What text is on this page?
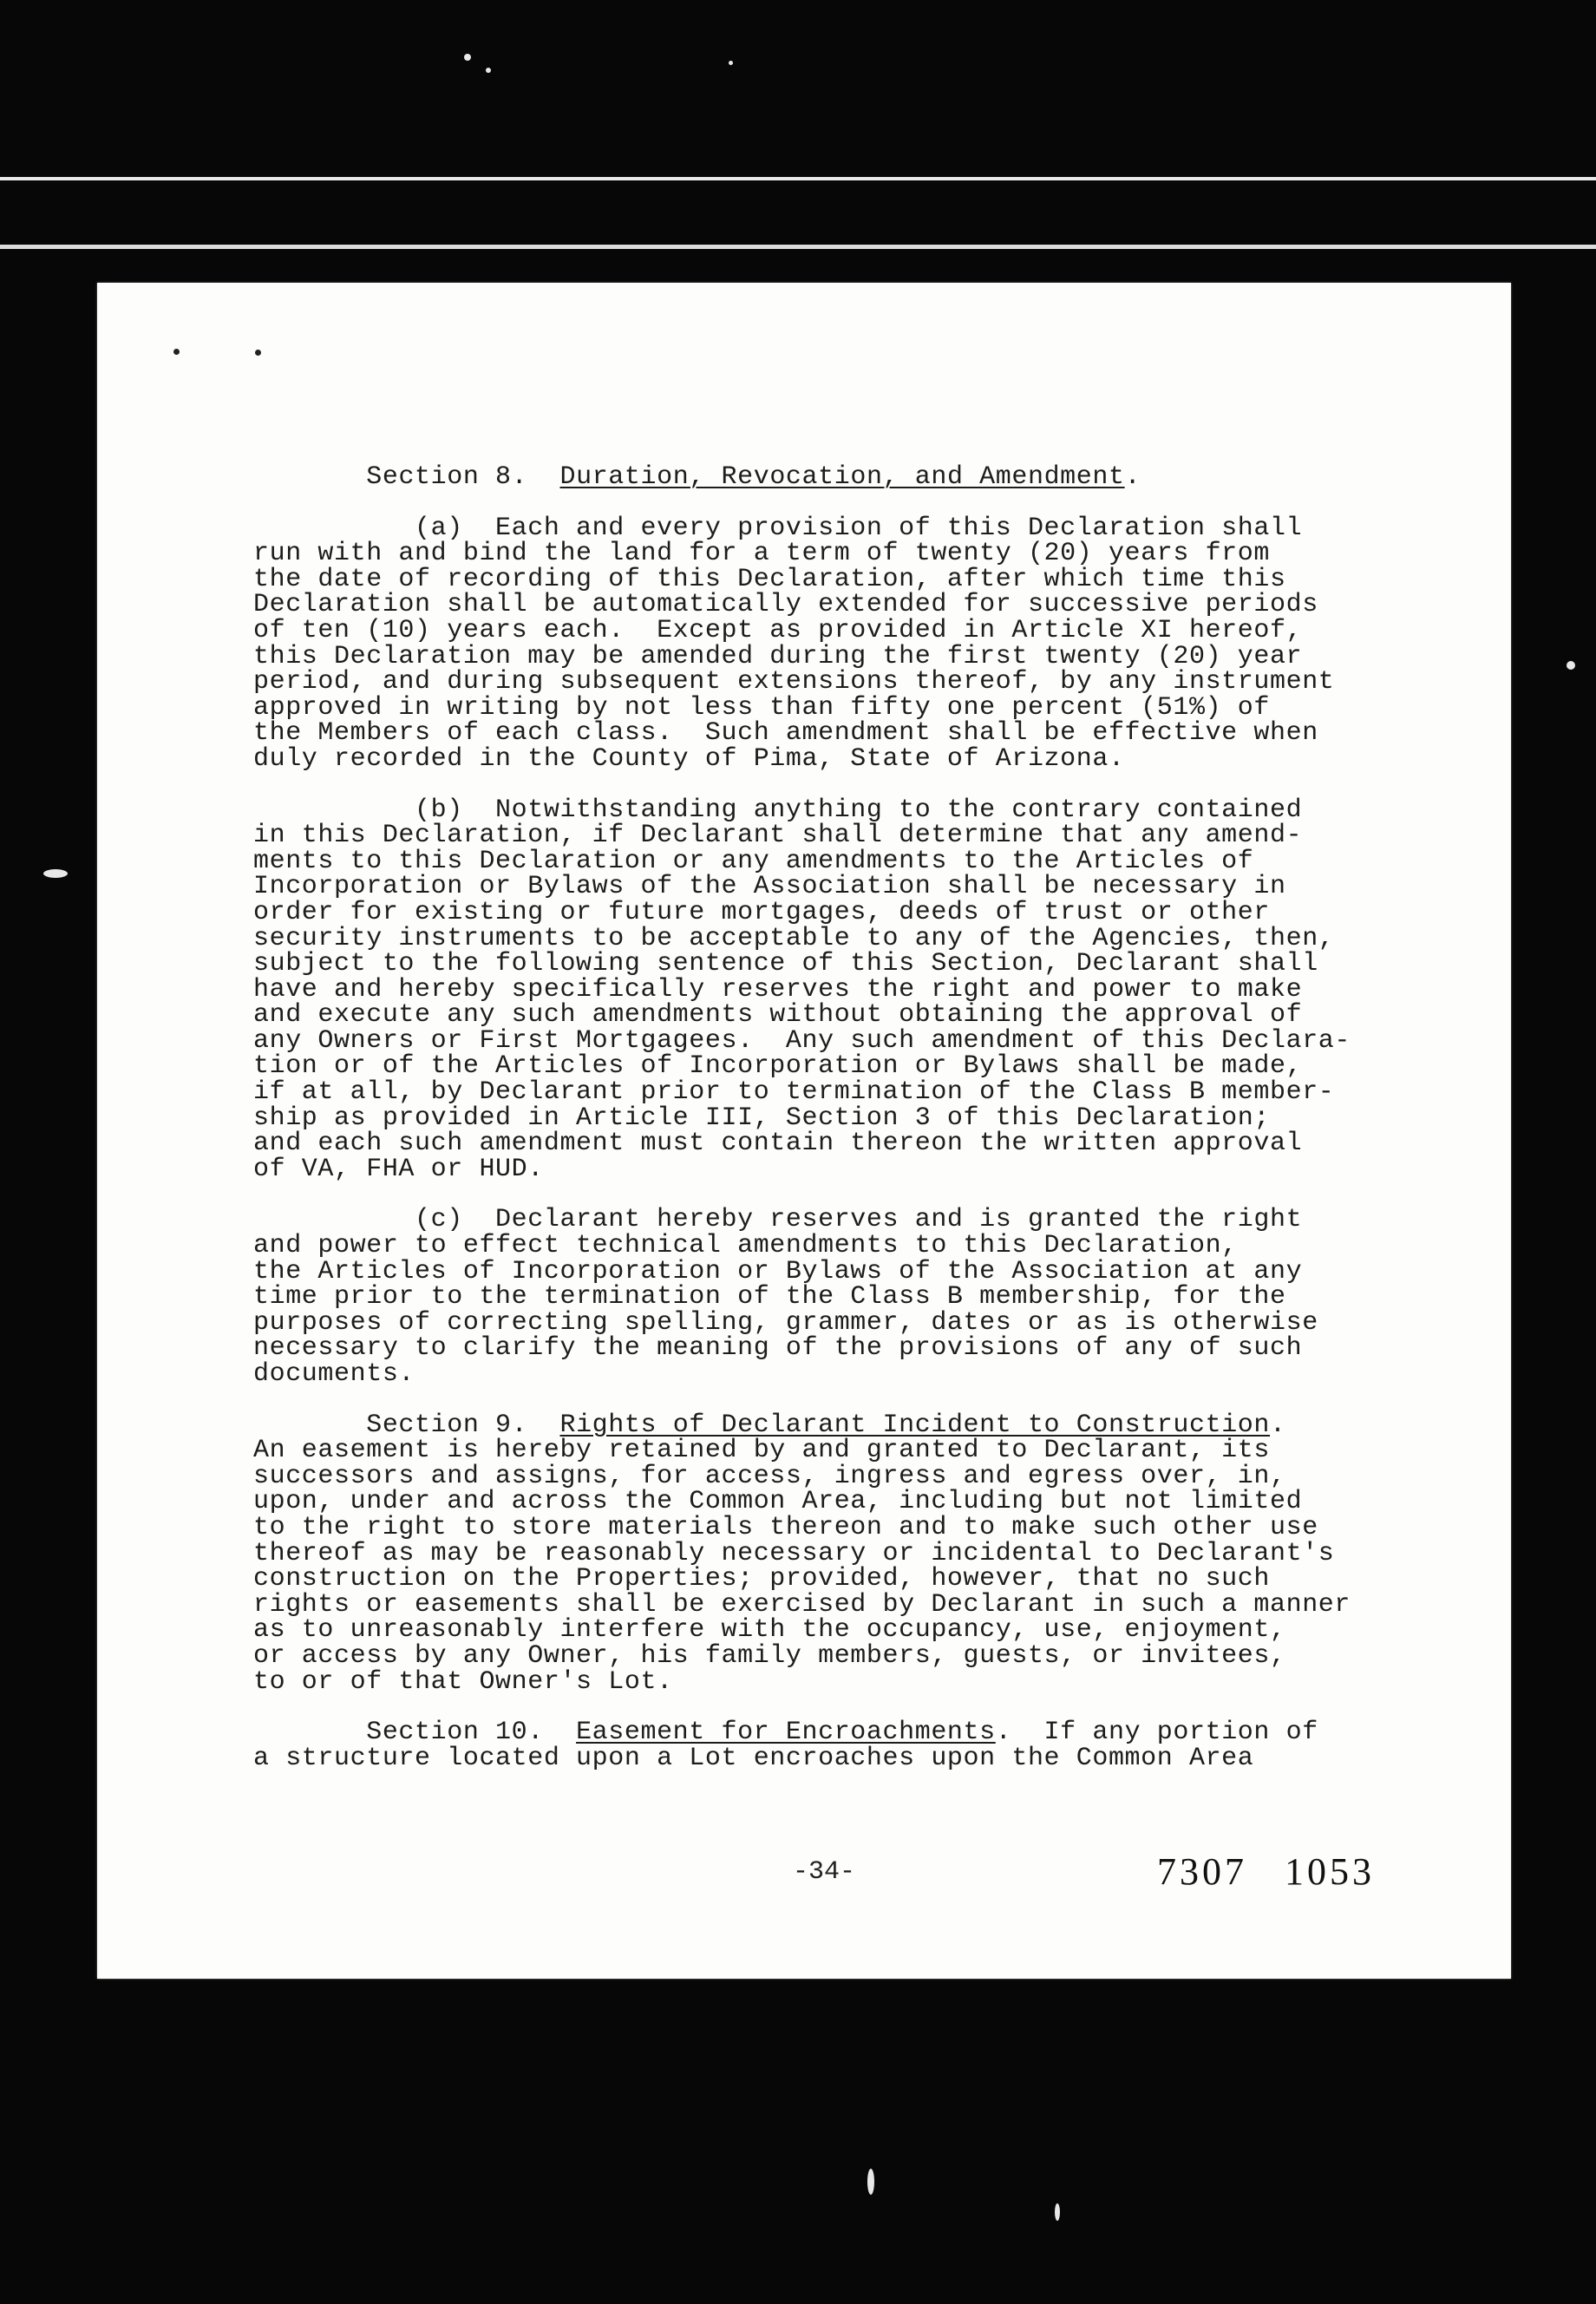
Section 8.  Duration, Revocation, and Amendment.
(a)  Each and every provision of this Declaration shall
run with and bind the land for a term of twenty (20) years from
the date of recording of this Declaration, after which time this
Declaration shall be automatically extended for successive periods
of ten (10) years each.  Except as provided in Article XI hereof,
this Declaration may be amended during the first twenty (20) year
period, and during subsequent extensions thereof, by any instrument
approved in writing by not less than fifty one percent (51%) of
the Members of each class.  Such amendment shall be effective when
duly recorded in the County of Pima, State of Arizona.
(b)  Notwithstanding anything to the contrary contained
in this Declaration, if Declarant shall determine that any amend-
ments to this Declaration or any amendments to the Articles of
Incorporation or Bylaws of the Association shall be necessary in
order for existing or future mortgages, deeds of trust or other
security instruments to be acceptable to any of the Agencies, then,
subject to the following sentence of this Section, Declarant shall
have and hereby specifically reserves the right and power to make
and execute any such amendments without obtaining the approval of
any Owners or First Mortgagees.  Any such amendment of this Declara-
tion or of the Articles of Incorporation or Bylaws shall be made,
if at all, by Declarant prior to termination of the Class B member-
ship as provided in Article III, Section 3 of this Declaration;
and each such amendment must contain thereon the written approval
of VA, FHA or HUD.
(c)  Declarant hereby reserves and is granted the right
and power to effect technical amendments to this Declaration,
the Articles of Incorporation or Bylaws of the Association at any
time prior to the termination of the Class B membership, for the
purposes of correcting spelling, grammer, dates or as is otherwise
necessary to clarify the meaning of the provisions of any of such
documents.
Section 9.  Rights of Declarant Incident to Construction.
An easement is hereby retained by and granted to Declarant, its
successors and assigns, for access, ingress and egress over, in,
upon, under and across the Common Area, including but not limited
to the right to store materials thereon and to make such other use
thereof as may be reasonably necessary or incidental to Declarant's
construction on the Properties; provided, however, that no such
rights or easements shall be exercised by Declarant in such a manner
as to unreasonably interfere with the occupancy, use, enjoyment,
or access by any Owner, his family members, guests, or invitees,
to or of that Owner's Lot.
Section 10.  Easement for Encroachments.  If any portion of
a structure located upon a Lot encroaches upon the Common Area
-34-	7307 1053
